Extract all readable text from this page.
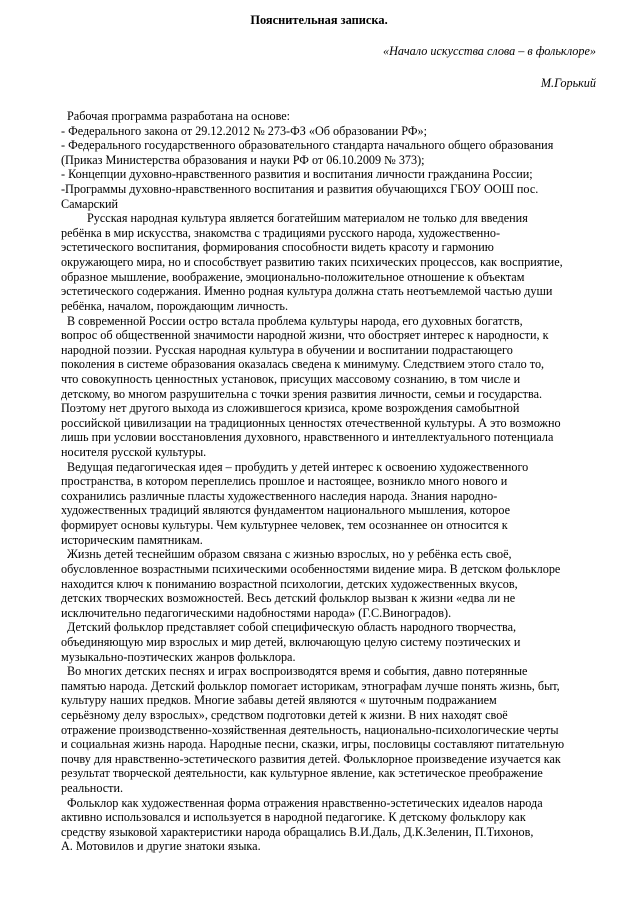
Пояснительная записка.
«Начало искусства слова – в фольклоре»
М.Горький
Рабочая программа разработана на основе:
- Федерального закона от 29.12.2012 № 273-ФЗ «Об образовании РФ»;
- Федерального государственного образовательного стандарта начального общего образования
(Приказ Министерства образования и науки РФ от 06.10.2009 № 373);
- Концепции духовно-нравственного развития и воспитания личности гражданина России;
-Программы духовно-нравственного воспитания и развития обучающихся ГБОУ ООШ пос.
Самарский
Русская народная культура является богатейшим материалом не только для введения
ребёнка в мир искусства, знакомства с традициями русского народа, художественно-
эстетического воспитания, формирования способности видеть красоту и гармонию
окружающего мира, но и способствует развитию таких психических процессов, как восприятие,
образное мышление, воображение, эмоционально-положительное отношение к объектам
эстетического содержания. Именно родная культура должна стать неотъемлемой частью души
ребёнка, началом, порождающим личность.
В современной России остро встала проблема культуры народа, его духовных богатств,
вопрос об общественной значимости народной жизни, что обостряет интерес к народности, к
народной поэзии. Русская народная культура в обучении и воспитании подрастающего
поколения в системе образования оказалась сведена к минимуму. Следствием этого стало то,
что совокупность ценностных установок, присущих массовому сознанию, в том числе и
детскому, во многом разрушительна с точки зрения развития личности, семьи и государства.
Поэтому нет другого выхода из сложившегося кризиса, кроме возрождения самобытной
российской цивилизации на традиционных ценностях отечественной культуры. А это возможно
лишь при условии восстановления духовного, нравственного и интеллектуального потенциала
носителя русской культуры.
Ведущая педагогическая идея – пробудить у детей интерес к освоению художественного
пространства, в котором переплелись прошлое и настоящее, возникло много нового и
сохранились различные пласты художественного наследия народа. Знания народно-
художественных традиций являются фундаментом национального мышления, которое
формирует основы культуры. Чем культурнее человек, тем осознаннее он относится к
историческим памятникам.
Жизнь детей теснейшим образом связана с жизнью взрослых, но у ребёнка есть своё,
обусловленное возрастными психическими особенностями видение мира. В детском фольклоре
находится ключ к пониманию возрастной психологии, детских художественных вкусов,
детских творческих возможностей. Весь детский фольклор вызван к жизни «едва ли не
исключительно педагогическими надобностями народа» (Г.С.Виноградов).
Детский фольклор представляет собой специфическую область народного творчества,
объединяющую мир взрослых и мир детей, включающую целую систему поэтических и
музыкально-поэтических жанров фольклора.
Во многих детских песнях и играх воспроизводятся время и события, давно потерянные
памятью народа. Детский фольклор помогает историкам, этнографам лучше понять жизнь, быт,
культуру наших предков. Многие забавы детей являются « шуточным подражанием
серьёзному делу взрослых», средством подготовки детей к жизни. В них находят своё
отражение производственно-хозяйственная деятельность, национально-психологические черты
и социальная жизнь народа. Народные песни, сказки, игры, пословицы составляют питательную
почву для нравственно-эстетического развития детей. Фольклорное произведение изучается как
результат творческой деятельности, как культурное явление, как эстетическое преображение
реальности.
Фольклор как художественная форма отражения нравственно-эстетических идеалов народа
активно использовался и используется в народной педагогике. К детскому фольклору как
средству языковой характеристики народа обращались В.И.Даль, Д.К.Зеленин, П.Тихонов,
А. Мотовилов и другие знатоки языка.
